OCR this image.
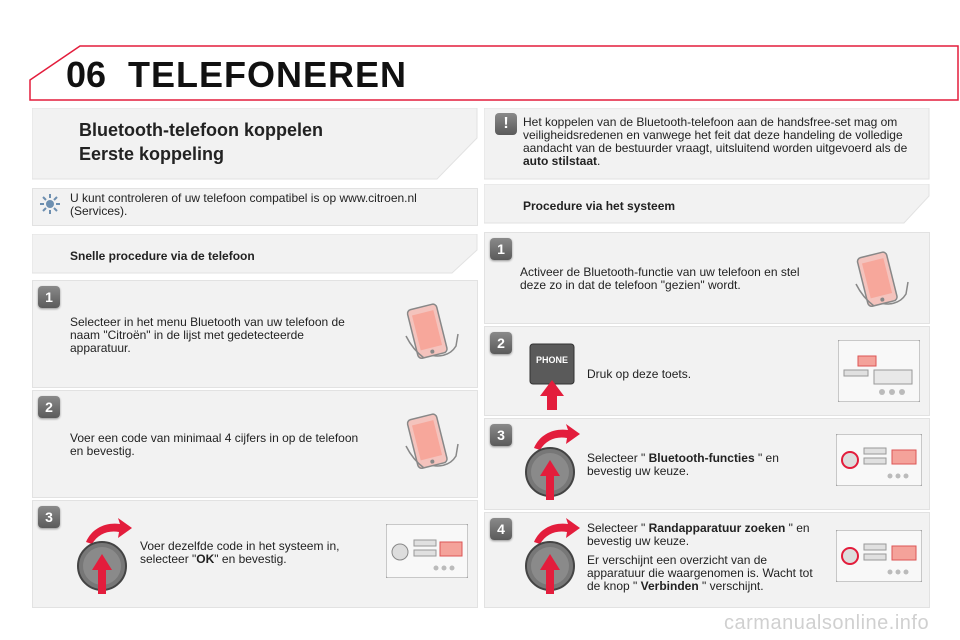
06 TELEFONEREN
Bluetooth-telefoon koppelen
Eerste koppeling
!	Het koppelen van de Bluetooth-telefoon aan de handsfree-set mag om veiligheidsredenen en vanwege het feit dat deze handeling de volledige aandacht van de bestuurder vraagt, uitsluitend worden uitgevoerd als de auto stilstaat.
U kunt controleren of uw telefoon compatibel is op www.citroen.nl (Services).
Snelle procedure via de telefoon
1
Selecteer in het menu Bluetooth van uw telefoon de naam "Citroën" in de lijst met gedetecteerde apparatuur.
2
Voer een code van minimaal 4 cijfers in op de telefoon en bevestig.
3
Voer dezelfde code in het systeem in, selecteer "OK" en bevestig.
Procedure via het systeem
1
Activeer de Bluetooth-functie van uw telefoon en stel deze zo in dat de telefoon "gezien" wordt.
2
PHONE
Druk op deze toets.
3
Selecteer " Bluetooth-functies " en bevestig uw keuze.
4	Selecteer " Randapparatuur zoeken " en bevestig uw keuze.
Er verschijnt een overzicht van de apparatuur die waargenomen is. Wacht tot de knop " Verbinden " verschijnt.
carmanualsonline.info
